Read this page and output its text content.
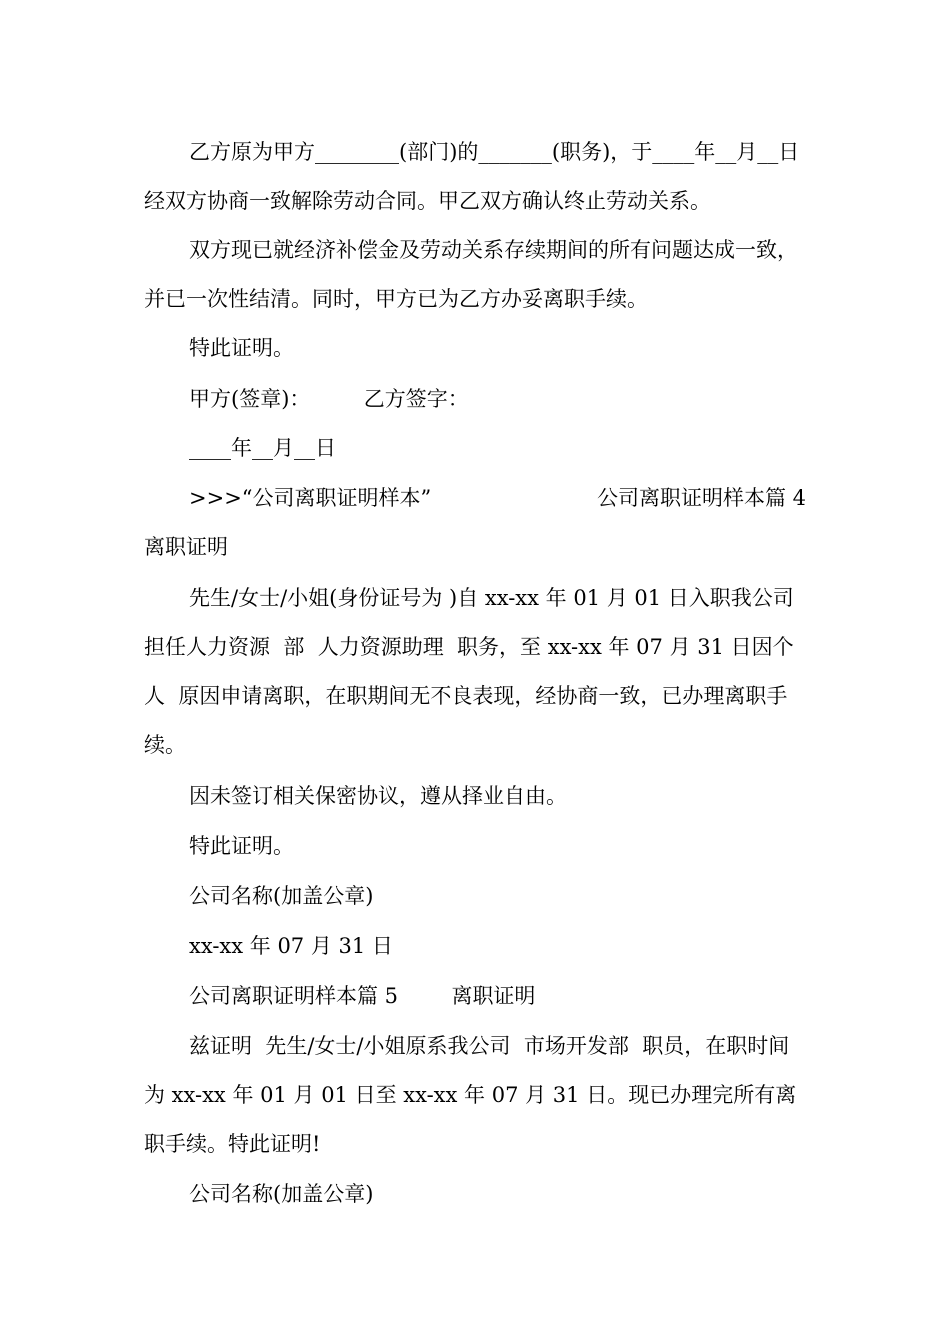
乙方原为甲方________(部门)的_______(职务)，于____年__月__日经双方协商一致解除劳动合同。甲乙双方确认终止劳动关系。

双方现已就经济补偿金及劳动关系存续期间的所有问题达成一致，并已一次性结清。同时，甲方已为乙方办妥离职手续。

特此证明。

甲方(签章)：        乙方签字：

____年__月__日

>>>“公司离职证明样本”	公司离职证明样本篇 4

离职证明

先生/女士/小姐(身份证号为 )自 xx-xx 年 01 月 01 日入职我公司担任人力资源  部  人力资源助理  职务，至 xx-xx 年 07 月 31 日因个人  原因申请离职，在职期间无不良表现，经协商一致，已办理离职手续。

因未签订相关保密协议，遵从择业自由。

特此证明。

公司名称(加盖公章)

xx-xx 年 07 月 31 日

公司离职证明样本篇 5        离职证明

兹证明  先生/女士/小姐原系我公司  市场开发部  职员，在职时间为 xx-xx 年 01 月 01 日至 xx-xx 年 07 月 31 日。现已办理完所有离职手续。特此证明!

公司名称(加盖公章)
